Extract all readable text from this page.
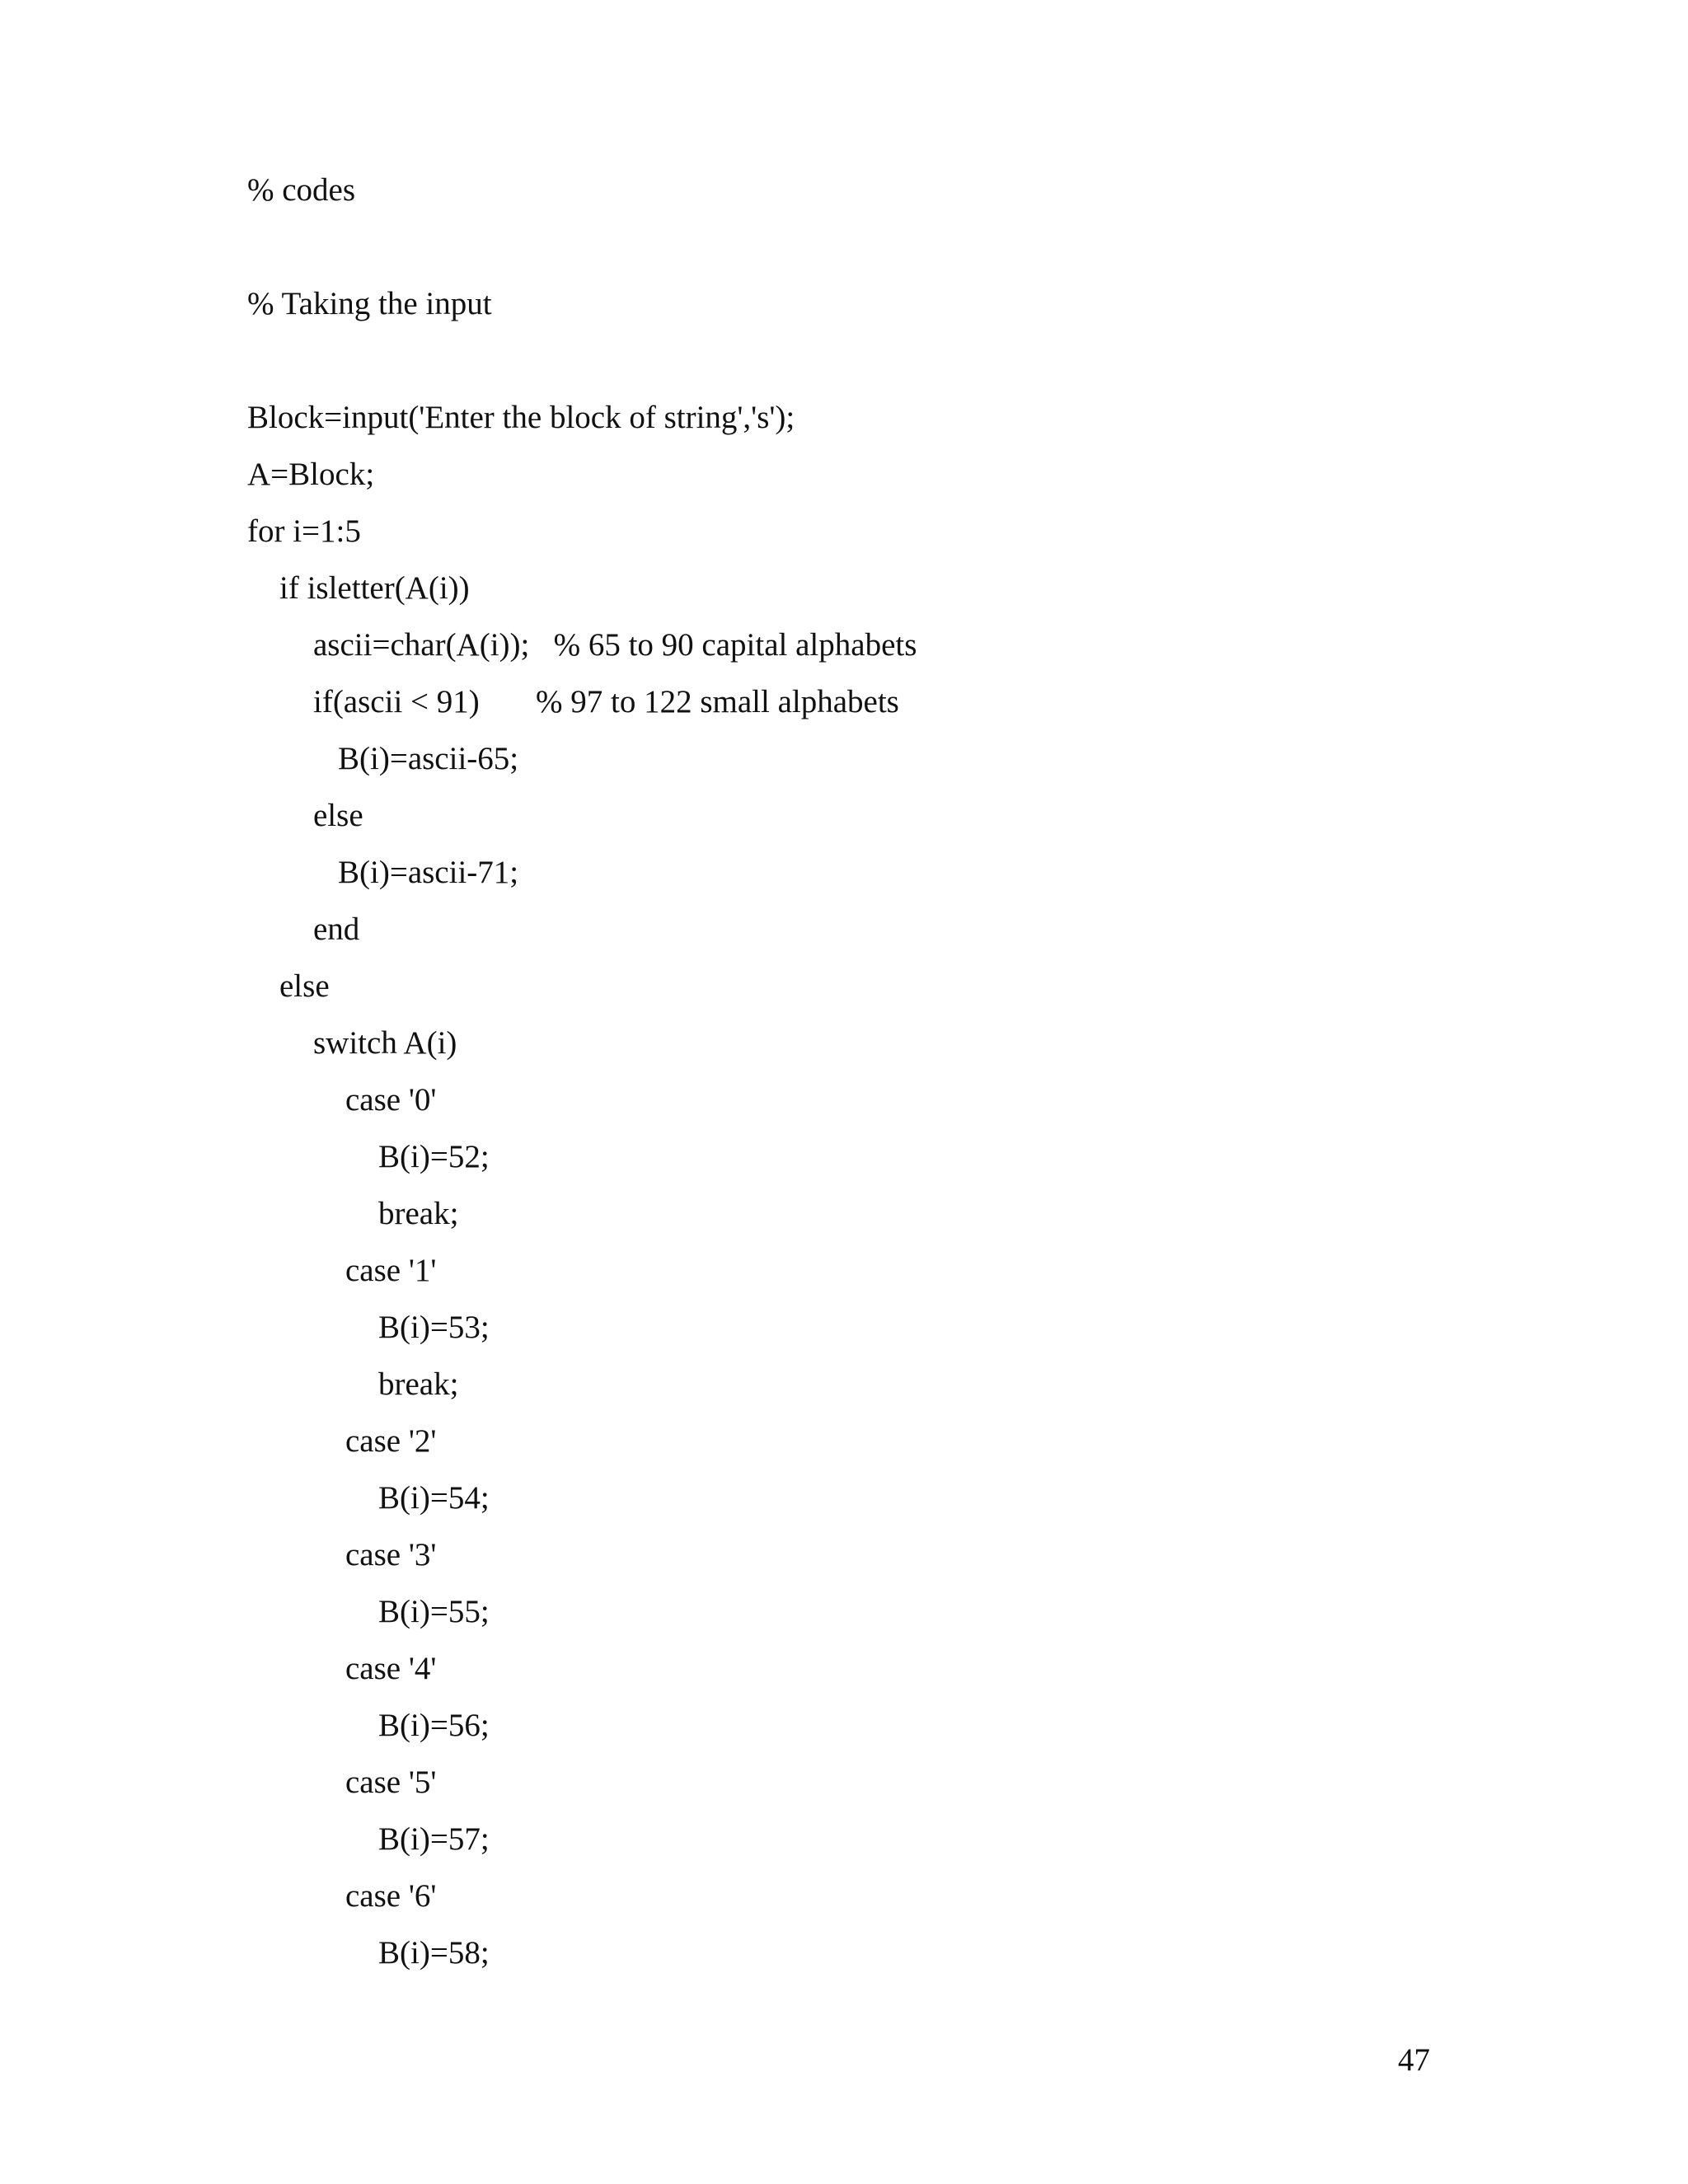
% codes
% Taking the input
Block=input('Enter the block of string','s');
A=Block;
for i=1:5
if isletter(A(i))
ascii=char(A(i));   % 65 to 90 capital alphabets
if(ascii < 91)       % 97 to 122 small alphabets
B(i)=ascii-65;
else
B(i)=ascii-71;
end
else
switch A(i)
case '0'
B(i)=52;
break;
case '1'
B(i)=53;
break;
case '2'
B(i)=54;
case '3'
B(i)=55;
case '4'
B(i)=56;
case '5'
B(i)=57;
case '6'
B(i)=58;
47
